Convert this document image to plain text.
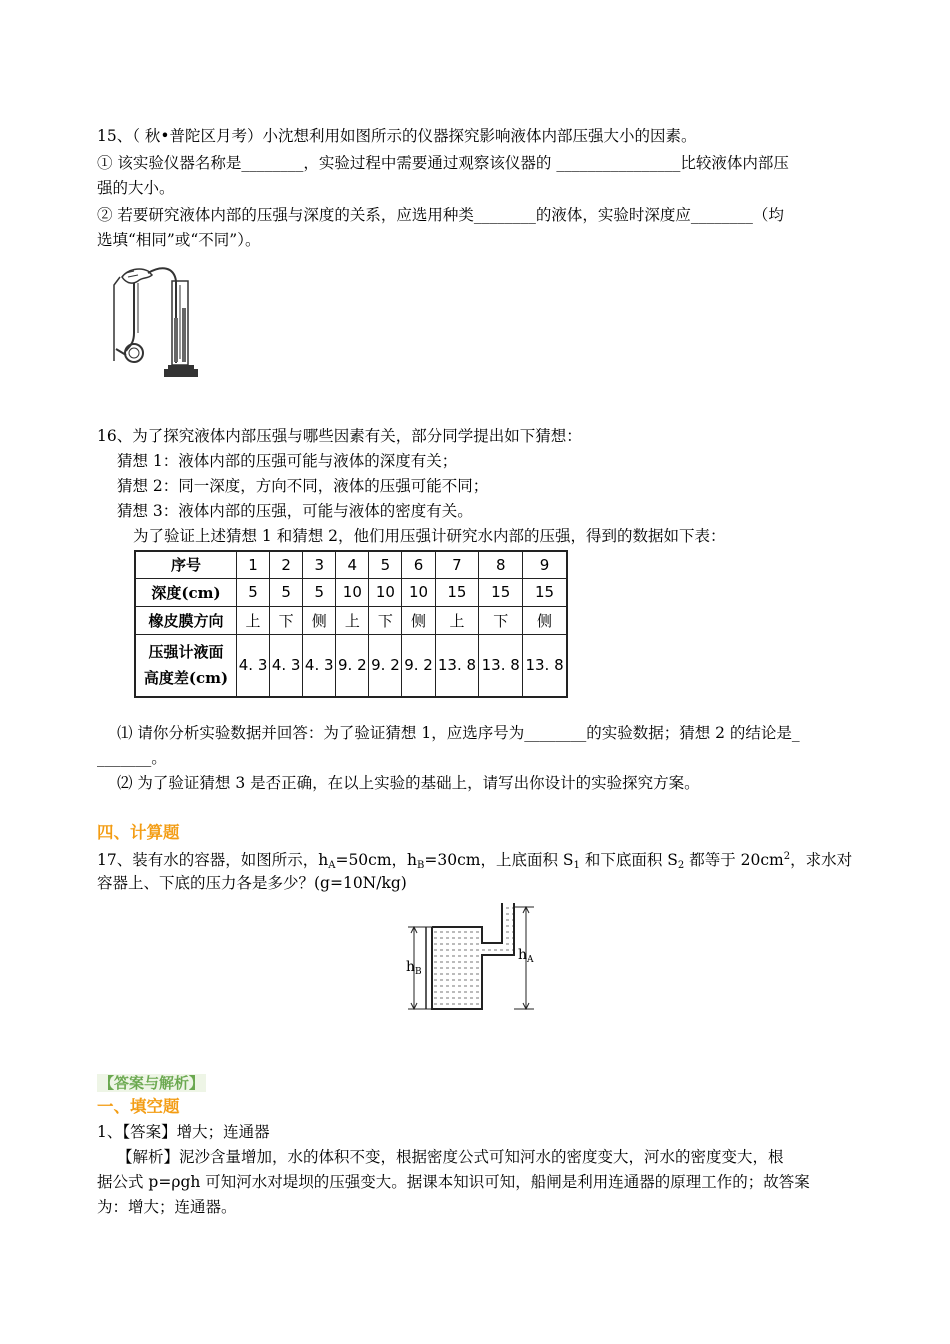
15、（ 秋•普陀区月考）小沈想利用如图所示的仪器探究影响液体内部压强大小的因素。
① 该实验仪器名称是________，实验过程中需要通过观察该仪器的 ________________比较液体内部压
强的大小。
② 若要研究液体内部的压强与深度的关系，应选用种类________的液体，实验时深度应________（均
选填“相同”或“不同”）。
16、为了探究液体内部压强与哪些因素有关，部分同学提出如下猜想：
猜想 1：液体内部的压强可能与液体的深度有关；
猜想 2：同一深度，方向不同，液体的压强可能不同；
猜想 3：液体内部的压强，可能与液体的密度有关。
为了验证上述猜想 1 和猜想 2，他们用压强计研究水内部的压强，得到的数据如下表：
序号	1	2	3	4	5	6	7	8	9
深度(cm)	5	5	5	10	10	10	15	15	15
橡皮膜方向	上	下	侧	上	下	侧	上	下	侧
压强计液面
高度差(cm)	4. 3	4. 3	4. 3	9. 2	9. 2	9. 2	13. 8	13. 8	13. 8
⑴ 请你分析实验数据并回答：为了验证猜想 1，应选序号为________的实验数据；猜想 2 的结论是_
_______。
⑵ 为了验证猜想 3 是否正确，在以上实验的基础上，请写出你设计的实验探究方案。
四、计算题
17、装有水的容器，如图所示，$h_A=50cm$，$h_B=30cm$，上底面积 $S_1$ 和下底面积 $S_2$ 都等于 $20cm^2$，求水对
容器上、下底的压力各是多少？(g=10N/kg)
$h_B$
$h_A$
【答案与解析】
一、填空题
1、【答案】增大；连通器
【解析】泥沙含量增加，水的体积不变，根据密度公式可知河水的密度变大，河水的密度变大，根
据公式 p=ρgh 可知河水对堤坝的压强变大。据课本知识可知，船闸是利用连通器的原理工作的；故答案
为：增大；连通器。
